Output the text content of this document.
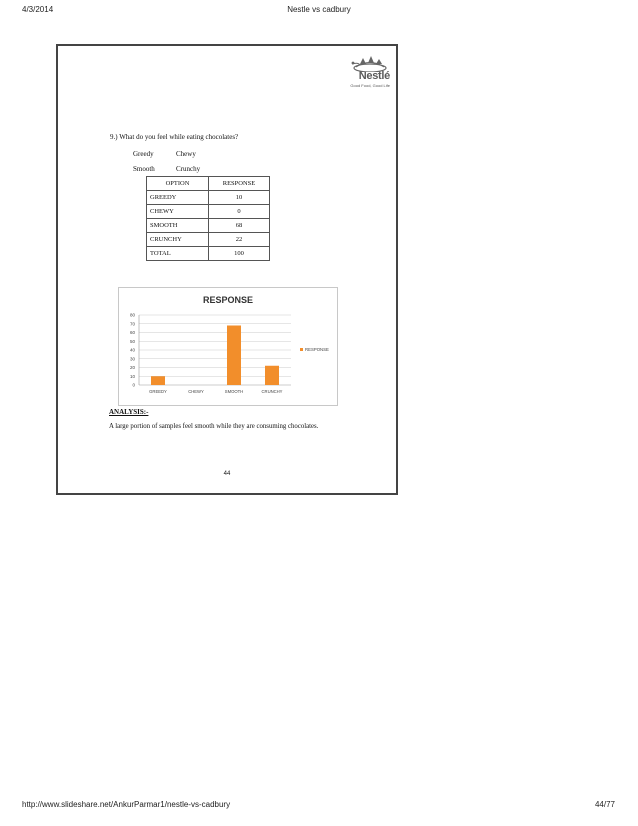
4/3/2014	Nestle vs cadbury
Nestlé
Good Food, Good Life
9.) What do you feel while eating chocolates?
Greedy	Chewy
Smooth	Crunchy
OPTION	RESPONSE
GREEDY	10
CHEWY	0
SMOOTH	68
CRUNCHY	22
TOTAL	100
RESPONSE
0
10
20
30
40
50
60
70
80
GREEDY	CHEWY	SMOOTH	CRUNCHY
RESPONSE
ANALYSIS:-
A large portion of samples feel smooth while they are consuming chocolates.
44
http://www.slideshare.net/AnkurParmar1/nestle-vs-cadbury	44/77
